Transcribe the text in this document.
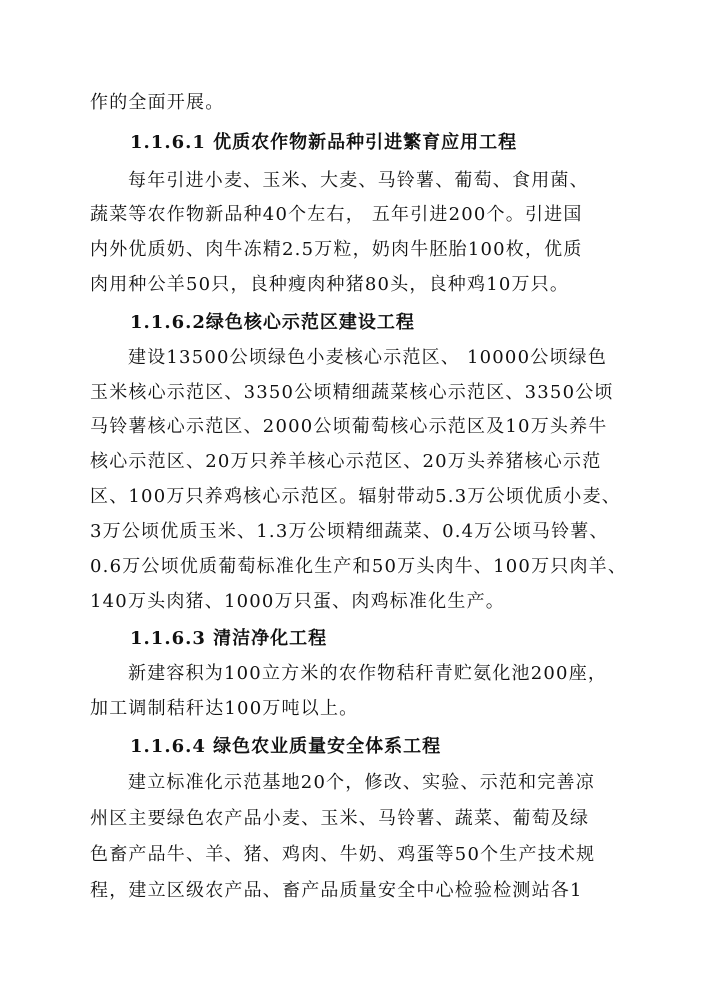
作的全面开展。
1.1.6.1 优质农作物新品种引进繁育应用工程
每年引进小麦、玉米、大麦、马铃薯、葡萄、食用菌、
蔬菜等农作物新品种40个左右， 五年引进200个。引进国
内外优质奶、肉牛冻精2.5万粒，奶肉牛胚胎100枚，优质
肉用种公羊50只，良种瘦肉种猪80头，良种鸡10万只。
1.1.6.2绿色核心示范区建设工程
建设13500公顷绿色小麦核心示范区、 10000公顷绿色
玉米核心示范区、3350公顷精细蔬菜核心示范区、3350公顷
马铃薯核心示范区、2000公顷葡萄核心示范区及10万头养牛
核心示范区、20万只养羊核心示范区、20万头养猪核心示范
区、100万只养鸡核心示范区。辐射带动5.3万公顷优质小麦、
3万公顷优质玉米、1.3万公顷精细蔬菜、0.4万公顷马铃薯、
0.6万公顷优质葡萄标准化生产和50万头肉牛、100万只肉羊、
140万头肉猪、1000万只蛋、肉鸡标准化生产。
1.1.6.3 清洁净化工程
新建容积为100立方米的农作物秸秆青贮氨化池200座，
加工调制秸秆达100万吨以上。
1.1.6.4 绿色农业质量安全体系工程
建立标准化示范基地20个，修改、实验、示范和完善凉
州区主要绿色农产品小麦、玉米、马铃薯、蔬菜、葡萄及绿
色畜产品牛、羊、猪、鸡肉、牛奶、鸡蛋等50个生产技术规
程，建立区级农产品、畜产品质量安全中心检验检测站各1
